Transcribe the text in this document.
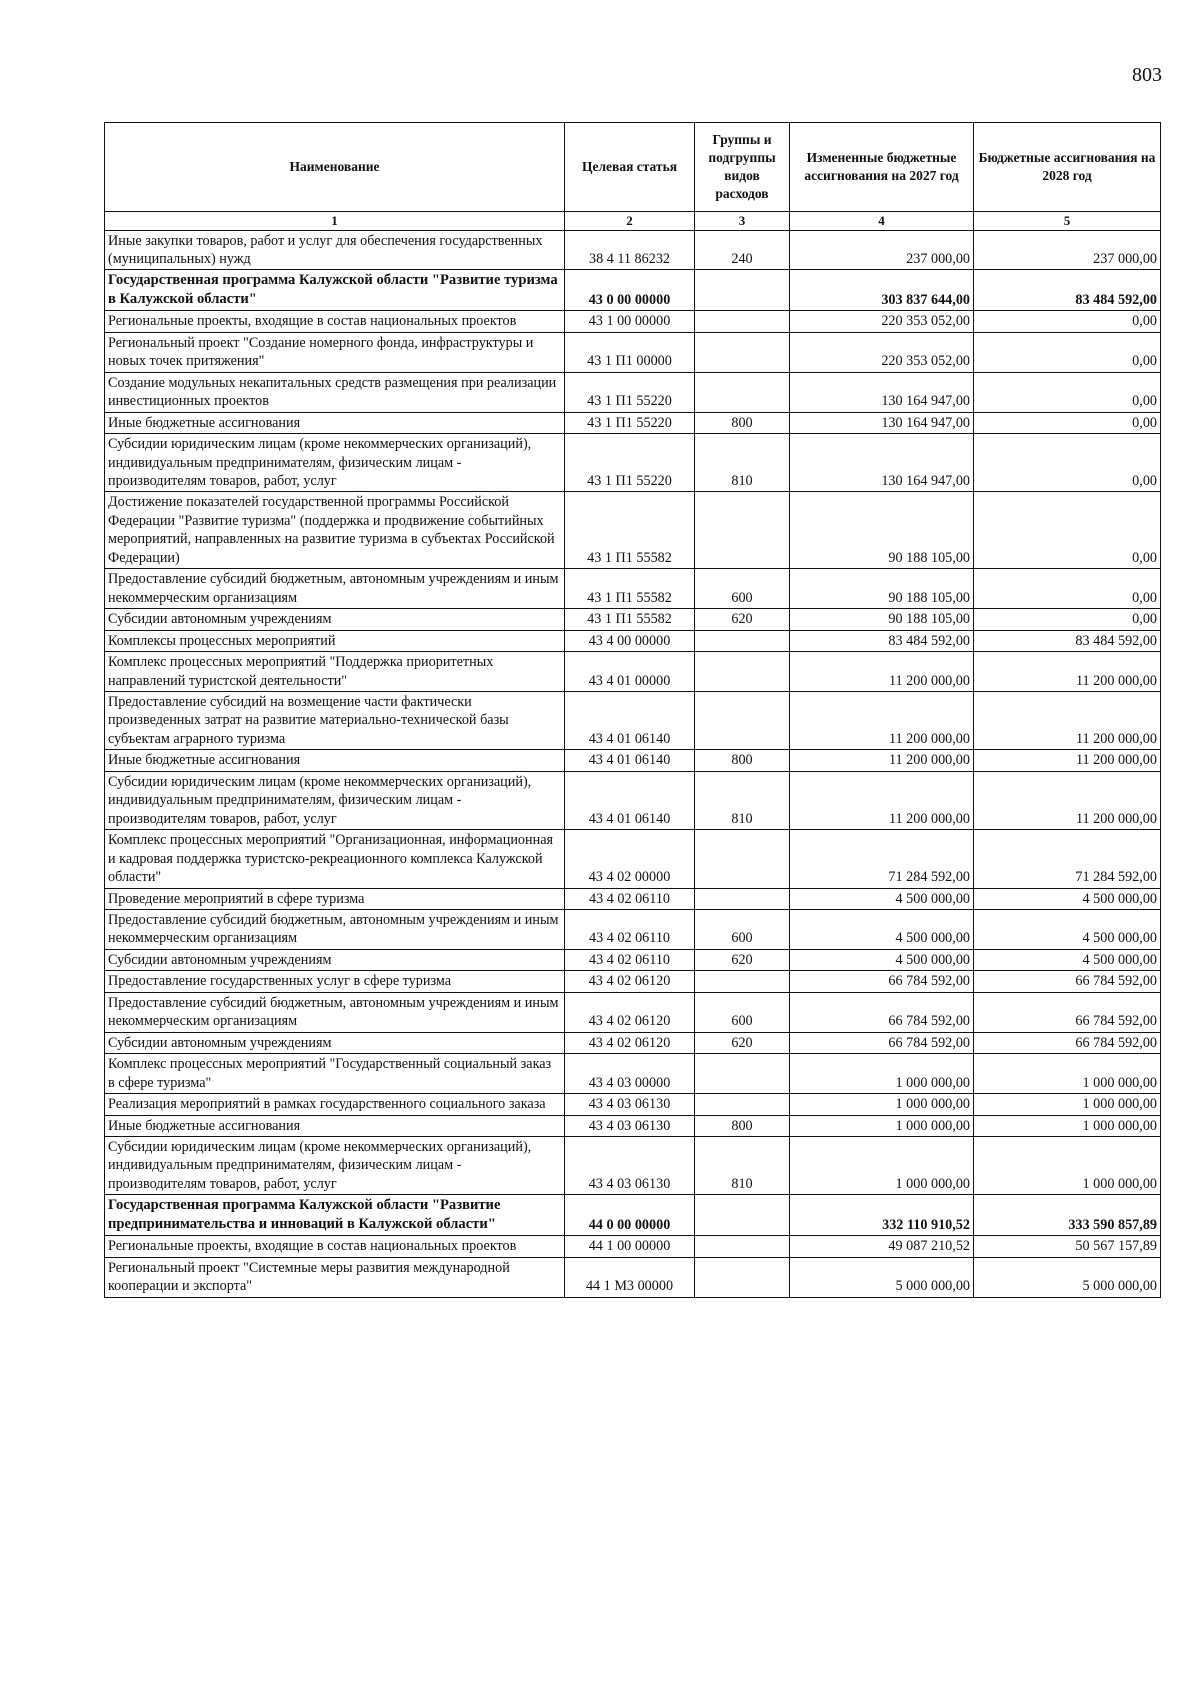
803
Наименование	Целевая статья	Группы и подгруппы видов расходов	Измененные бюджетные ассигнования на 2027 год	Бюджетные ассигнования на 2028 год
1	2	3	4	5
Иные закупки товаров, работ и услуг для обеспечения государственных (муниципальных) нужд	38 4 11 86232	240	237 000,00	237 000,00
Государственная программа Калужской области "Развитие туризма в Калужской области"	43 0 00 00000		303 837 644,00	83 484 592,00
Региональные проекты, входящие в состав национальных проектов	43 1 00 00000		220 353 052,00	0,00
Региональный проект "Создание номерного фонда, инфраструктуры и новых точек притяжения"	43 1 П1 00000		220 353 052,00	0,00
Создание модульных некапитальных средств размещения при реализации инвестиционных проектов	43 1 П1 55220		130 164 947,00	0,00
Иные бюджетные ассигнования	43 1 П1 55220	800	130 164 947,00	0,00
Субсидии юридическим лицам (кроме некоммерческих организаций), индивидуальным предпринимателям, физическим лицам - производителям товаров, работ, услуг	43 1 П1 55220	810	130 164 947,00	0,00
Достижение показателей государственной программы Российской Федерации "Развитие туризма" (поддержка и продвижение событийных мероприятий, направленных на развитие туризма в субъектах Российской Федерации)	43 1 П1 55582		90 188 105,00	0,00
Предоставление субсидий бюджетным, автономным учреждениям и иным некоммерческим организациям	43 1 П1 55582	600	90 188 105,00	0,00
Субсидии автономным учреждениям	43 1 П1 55582	620	90 188 105,00	0,00
Комплексы процессных мероприятий	43 4 00 00000		83 484 592,00	83 484 592,00
Комплекс процессных мероприятий "Поддержка приоритетных направлений туристской деятельности"	43 4 01 00000		11 200 000,00	11 200 000,00
Предоставление субсидий на возмещение части фактически произведенных затрат на развитие материально-технической базы субъектам аграрного туризма	43 4 01 06140		11 200 000,00	11 200 000,00
Иные бюджетные ассигнования	43 4 01 06140	800	11 200 000,00	11 200 000,00
Субсидии юридическим лицам (кроме некоммерческих организаций), индивидуальным предпринимателям, физическим лицам - производителям товаров, работ, услуг	43 4 01 06140	810	11 200 000,00	11 200 000,00
Комплекс процессных мероприятий "Организационная, информационная и кадровая поддержка туристско-рекреационного комплекса Калужской области"	43 4 02 00000		71 284 592,00	71 284 592,00
Проведение мероприятий в сфере туризма	43 4 02 06110		4 500 000,00	4 500 000,00
Предоставление субсидий бюджетным, автономным учреждениям и иным некоммерческим организациям	43 4 02 06110	600	4 500 000,00	4 500 000,00
Субсидии автономным учреждениям	43 4 02 06110	620	4 500 000,00	4 500 000,00
Предоставление государственных услуг в сфере туризма	43 4 02 06120		66 784 592,00	66 784 592,00
Предоставление субсидий бюджетным, автономным учреждениям и иным некоммерческим организациям	43 4 02 06120	600	66 784 592,00	66 784 592,00
Субсидии автономным учреждениям	43 4 02 06120	620	66 784 592,00	66 784 592,00
Комплекс процессных мероприятий "Государственный социальный заказ в сфере туризма"	43 4 03 00000		1 000 000,00	1 000 000,00
Реализация мероприятий в рамках государственного социального заказа	43 4 03 06130		1 000 000,00	1 000 000,00
Иные бюджетные ассигнования	43 4 03 06130	800	1 000 000,00	1 000 000,00
Субсидии юридическим лицам (кроме некоммерческих организаций), индивидуальным предпринимателям, физическим лицам - производителям товаров, работ, услуг	43 4 03 06130	810	1 000 000,00	1 000 000,00
Государственная программа Калужской области "Развитие предпринимательства и инноваций в Калужской области"	44 0 00 00000		332 110 910,52	333 590 857,89
Региональные проекты, входящие в состав национальных проектов	44 1 00 00000		49 087 210,52	50 567 157,89
Региональный проект "Системные меры развития международной кооперации и экспорта"	44 1 М3 00000		5 000 000,00	5 000 000,00
